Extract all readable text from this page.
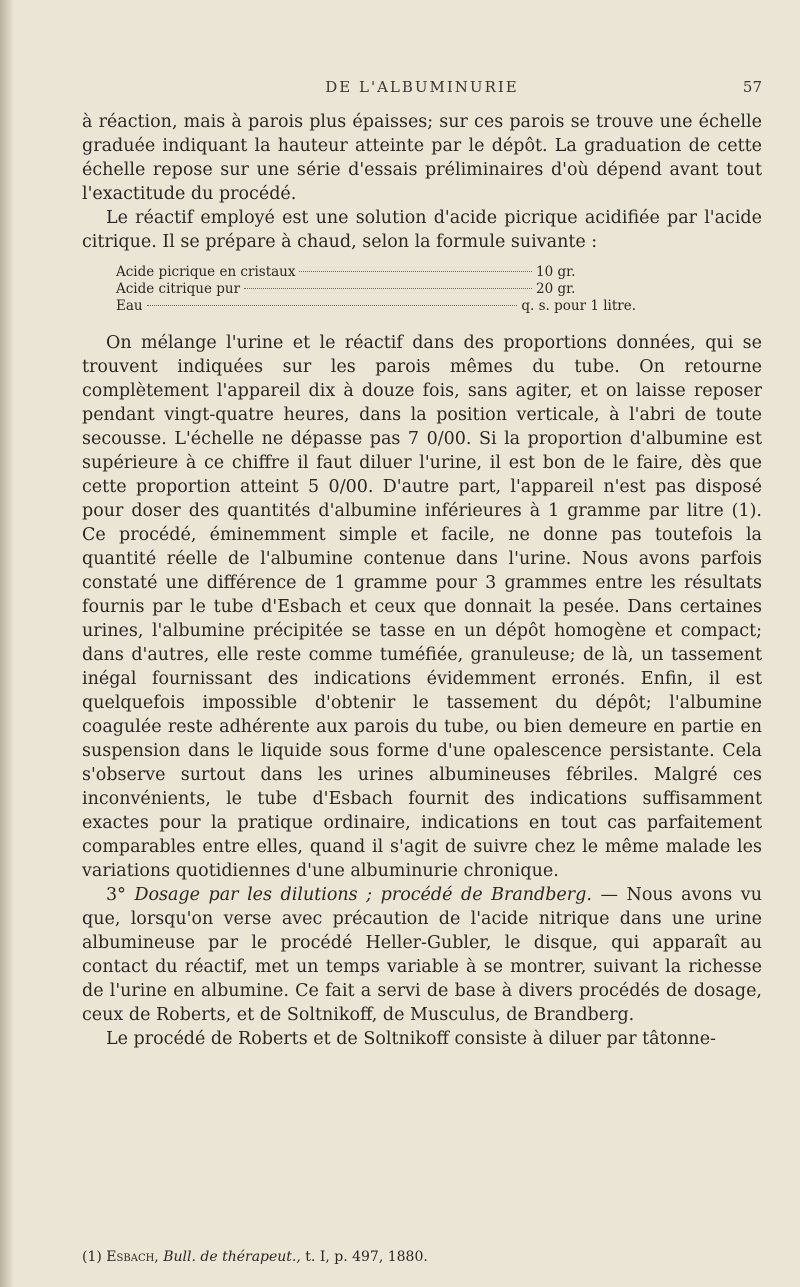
DE L'ALBUMINURIE	57

à réaction, mais à parois plus épaisses; sur ces parois se trouve une échelle graduée indiquant la hauteur atteinte par le dépôt. La graduation de cette échelle repose sur une série d'essais préliminaires d'où dépend avant tout l'exactitude du procédé.

Le réactif employé est une solution d'acide picrique acidifiée par l'acide citrique. Il se prépare à chaud, selon la formule suivante :

Acide picrique en cristaux	10 gr.
Acide citrique pur	20 gr.
Eau	q. s. pour 1 litre.

On mélange l'urine et le réactif dans des proportions données, qui se trouvent indiquées sur les parois mêmes du tube. On retourne complètement l'appareil dix à douze fois, sans agiter, et on laisse reposer pendant vingt-quatre heures, dans la position verticale, à l'abri de toute secousse. L'échelle ne dépasse pas 7 0/00. Si la proportion d'albumine est supérieure à ce chiffre il faut diluer l'urine, il est bon de le faire, dès que cette proportion atteint 5 0/00. D'autre part, l'appareil n'est pas disposé pour doser des quantités d'albumine inférieures à 1 gramme par litre (1). Ce procédé, éminemment simple et facile, ne donne pas toutefois la quantité réelle de l'albumine contenue dans l'urine. Nous avons parfois constaté une différence de 1 gramme pour 3 grammes entre les résultats fournis par le tube d'Esbach et ceux que donnait la pesée. Dans certaines urines, l'albumine précipitée se tasse en un dépôt homogène et compact; dans d'autres, elle reste comme tuméfiée, granuleuse; de là, un tassement inégal fournissant des indications évidemment erronés. Enfin, il est quelquefois impossible d'obtenir le tassement du dépôt; l'albumine coagulée reste adhérente aux parois du tube, ou bien demeure en partie en suspension dans le liquide sous forme d'une opalescence persistante. Cela s'observe surtout dans les urines albumineuses fébriles. Malgré ces inconvénients, le tube d'Esbach fournit des indications suffisamment exactes pour la pratique ordinaire, indications en tout cas parfaitement comparables entre elles, quand il s'agit de suivre chez le même malade les variations quotidiennes d'une albuminurie chronique.

3° Dosage par les dilutions ; procédé de Brandberg. — Nous avons vu que, lorsqu'on verse avec précaution de l'acide nitrique dans une urine albumineuse par le procédé Heller-Gubler, le disque, qui apparaît au contact du réactif, met un temps variable à se montrer, suivant la richesse de l'urine en albumine. Ce fait a servi de base à divers procédés de dosage, ceux de Roberts, et de Soltnikoff, de Musculus, de Brandberg.

Le procédé de Roberts et de Soltnikoff consiste à diluer par tâtonne-

(1) Esbach, Bull. de thérapeut., t. I, p. 497, 1880.
